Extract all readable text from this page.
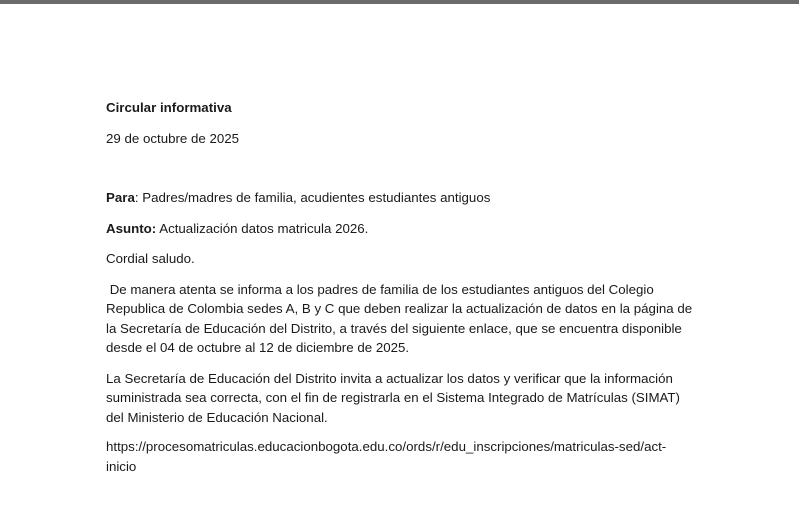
Circular informativa
29 de octubre de 2025
Para: Padres/madres de familia, acudientes estudiantes antiguos
Asunto: Actualización datos matricula 2026.
Cordial saludo.
De manera atenta se informa a los padres de familia de los estudiantes antiguos del Colegio
Republica de Colombia sedes A, B y C que deben realizar la actualización de datos en la página de
la Secretaría de Educación del Distrito, a través del siguiente enlace, que se encuentra disponible
desde el 04 de octubre al 12 de diciembre de 2025.
La Secretaría de Educación del Distrito invita a actualizar los datos y verificar que la información
suministrada sea correcta, con el fin de registrarla en el Sistema Integrado de Matrículas (SIMAT)
del Ministerio de Educación Nacional.
https://procesomatriculas.educacionbogota.edu.co/ords/r/edu_inscripciones/matriculas-sed/act-
inicio
